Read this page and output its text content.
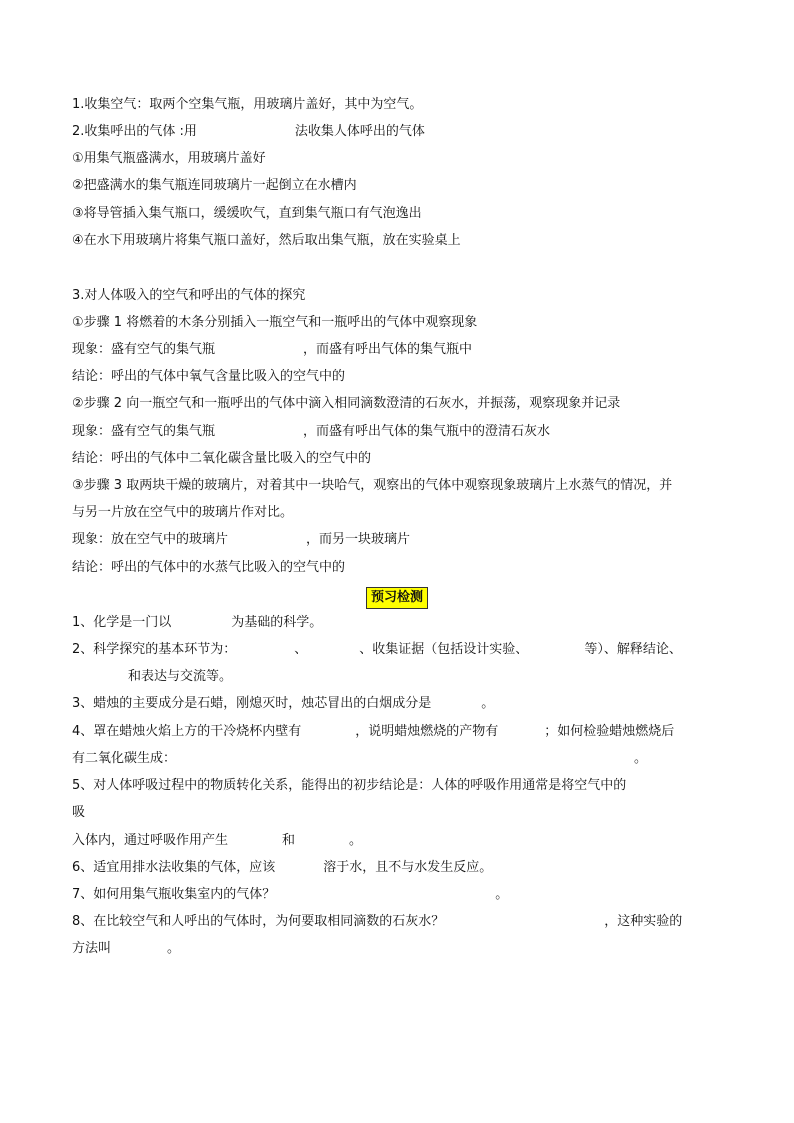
1.收集空气：取两个空集气瓶，用玻璃片盖好，其中为空气。
2.收集呼出的气体 :用	法收集人体呼出的气体
①用集气瓶盛满水，用玻璃片盖好
②把盛满水的集气瓶连同玻璃片一起倒立在水槽内
③将导管插入集气瓶口，缓缓吹气，直到集气瓶口有气泡逸出
④在水下用玻璃片将集气瓶口盖好，然后取出集气瓶，放在实验桌上
3.对人体吸入的空气和呼出的气体的探究
①步骤 1 将燃着的木条分别插入一瓶空气和一瓶呼出的气体中观察现象
现象：盛有空气的集气瓶	，而盛有呼出气体的集气瓶中
结论：呼出的气体中氧气含量比吸入的空气中的
②步骤 2 向一瓶空气和一瓶呼出的气体中滴入相同滴数澄清的石灰水，并振荡，观察现象并记录
现象：盛有空气的集气瓶	，而盛有呼出气体的集气瓶中的澄清石灰水
结论：呼出的气体中二氧化碳含量比吸入的空气中的
③步骤 3 取两块干燥的玻璃片，对着其中一块哈气，观察出的气体中观察现象玻璃片上水蒸气的情况，并
与另一片放在空气中的玻璃片作对比。
现象：放在空气中的玻璃片	，而另一块玻璃片
结论：呼出的气体中的水蒸气比吸入的空气中的
预习检测
1、化学是一门以	为基础的科学。
2、科学探究的基本环节为：	、	、收集证据（包括设计实验、	等）、解释结论、
和表达与交流等。
3、蜡烛的主要成分是石蜡，刚熄灭时，烛芯冒出的白烟成分是	。
4、罩在蜡烛火焰上方的干冷烧杯内壁有	，说明蜡烛燃烧的产物有	；如何检验蜡烛燃烧后
有二氧化碳生成：	。
5、对人体呼吸过程中的物质转化关系，能得出的初步结论是：人体的呼吸作用通常是将空气中的
吸
入体内，通过呼吸作用产生	和	。
6、适宜用排水法收集的气体，应该	溶于水，且不与水发生反应。
7、如何用集气瓶收集室内的气体？	。
8、在比较空气和人呼出的气体时，为何要取相同滴数的石灰水？	，这种实验的
方法叫	。
